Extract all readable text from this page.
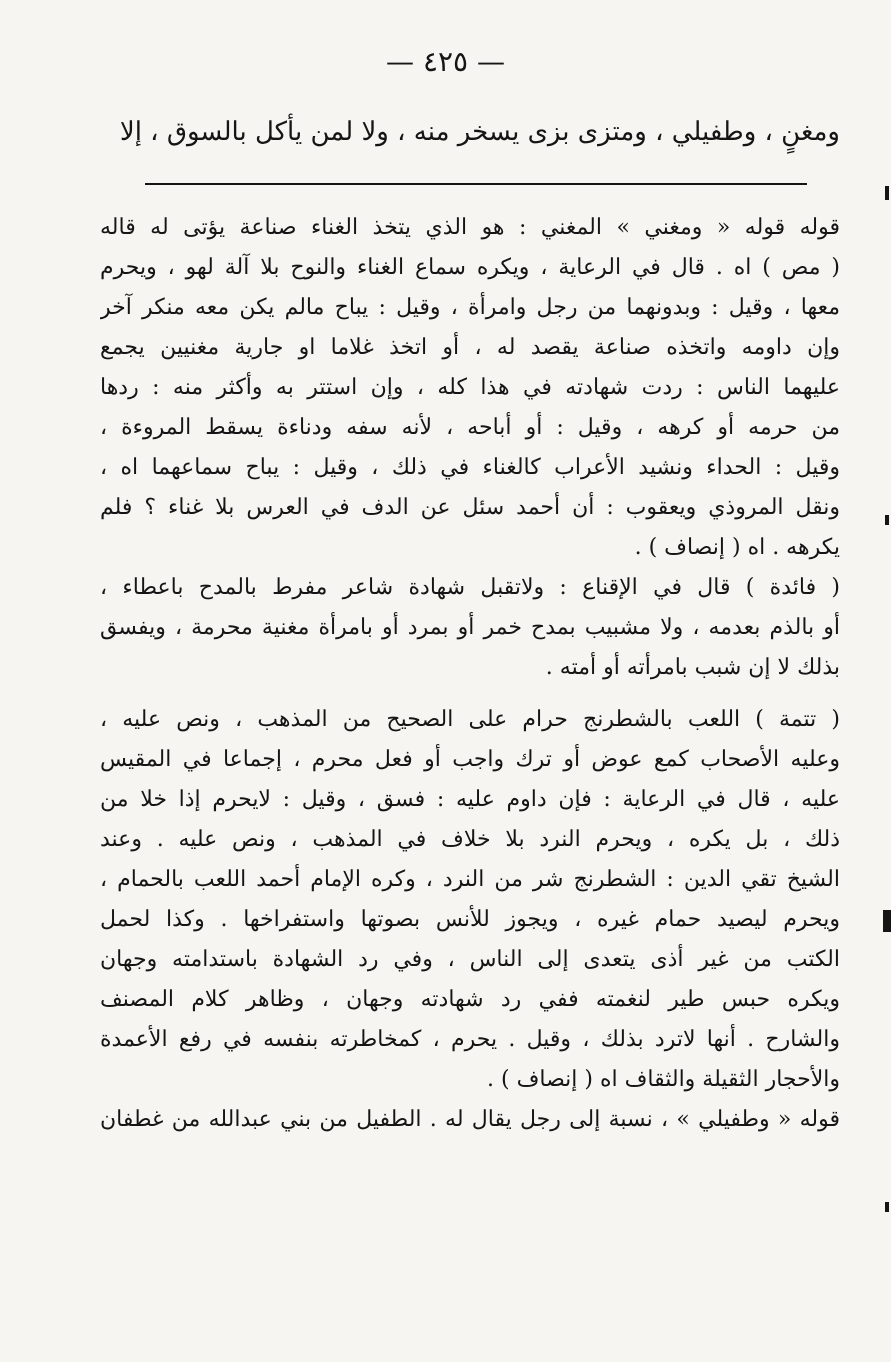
— ٤٢٥ —
ومغنٍ ، وطفيلي ، ومتزى بزى يسخر منه ، ولا لمن يأكل بالسوق ، إلا
قوله قوله « ومغني » المغني : هو الذي يتخذ الغناء صناعة يؤتى له قاله
( مص ) اه . قال في الرعاية ، ويكره سماع الغناء والنوح بلا آلة لهو ، ويحرم
معها ، وقيل : وبدونهما من رجل وامرأة ، وقيل : يباح مالم يكن معه منكر آخر
وإن داومه واتخذه صناعة يقصد له ، أو اتخذ غلاما او جارية مغنيين يجمع
عليهما الناس : ردت شهادته في هذا كله ، وإن استتر به وأكثر منه : ردها
من حرمه أو كرهه ، وقيل : أو أباحه ، لأنه سفه ودناءة يسقط المروءة ،
وقيل : الحداء ونشيد الأعراب كالغناء في ذلك ، وقيل : يباح سماعهما اه ،
ونقل المروذي ويعقوب : أن أحمد سئل عن الدف في العرس بلا غناء ؟ فلم
يكرهه . اه ( إنصاف ) .
( فائدة ) قال في الإقناع : ولاتقبل شهادة شاعر مفرط بالمدح باعطاء ،
أو بالذم بعدمه ، ولا مشبيب بمدح خمر أو بمرد أو بامرأة مغنية محرمة ، ويفسق
بذلك لا إن شبب بامرأته أو أمته .
( تتمة ) اللعب بالشطرنج حرام على الصحيح من المذهب ، ونص عليه ،
وعليه الأصحاب كمع عوض أو ترك واجب أو فعل محرم ، إجماعا في المقيس
عليه ، قال في الرعاية : فإن داوم عليه : فسق ، وقيل : لايحرم إذا خلا من
ذلك ، بل يكره ، ويحرم النرد بلا خلاف في المذهب ، ونص عليه . وعند
الشيخ تقي الدين : الشطرنج شر من النرد ، وكره الإمام أحمد اللعب بالحمام ،
ويحرم ليصيد حمام غيره ، ويجوز للأنس بصوتها واستفراخها . وكذا لحمل
الكتب من غير أذى يتعدى إلى الناس ، وفي رد الشهادة باستدامته وجهان
ويكره حبس طير لنغمته ففي رد شهادته وجهان ، وظاهر كلام المصنف
والشارح . أنها لاترد بذلك ، وقيل . يحرم ، كمخاطرته بنفسه في رفع الأعمدة
والأحجار الثقيلة والثقاف اه ( إنصاف ) .
قوله « وطفيلي » ، نسبة إلى رجل يقال له . الطفيل من بني عبدالله من غطفان
